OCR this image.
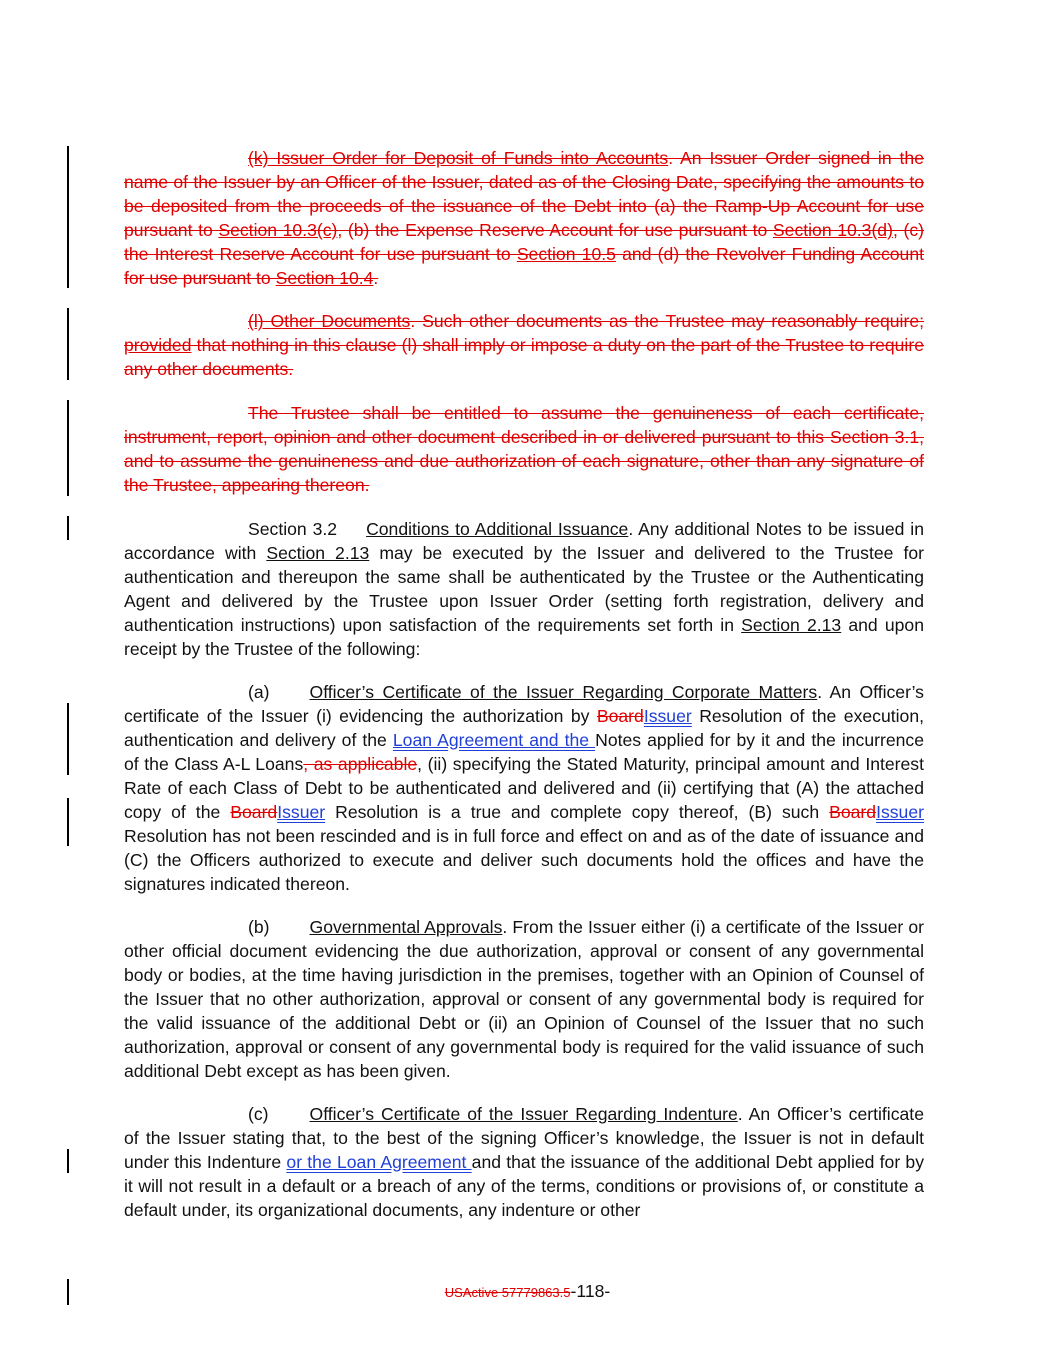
(k) Issuer Order for Deposit of Funds into Accounts. An Issuer Order signed in the name of the Issuer by an Officer of the Issuer, dated as of the Closing Date, specifying the amounts to be deposited from the proceeds of the issuance of the Debt into (a) the Ramp-Up Account for use pursuant to Section 10.3(c), (b) the Expense Reserve Account for use pursuant to Section 10.3(d), (c) the Interest Reserve Account for use pursuant to Section 10.5 and (d) the Revolver Funding Account for use pursuant to Section 10.4.

(l) Other Documents. Such other documents as the Trustee may reasonably require; provided that nothing in this clause (l) shall imply or impose a duty on the part of the Trustee to require any other documents.

The Trustee shall be entitled to assume the genuineness of each certificate, instrument, report, opinion and other document described in or delivered pursuant to this Section 3.1, and to assume the genuineness and due authorization of each signature, other than any signature of the Trustee, appearing thereon.

Section 3.2 Conditions to Additional Issuance. Any additional Notes to be issued in accordance with Section 2.13 may be executed by the Issuer and delivered to the Trustee for authentication and thereupon the same shall be authenticated by the Trustee or the Authenticating Agent and delivered by the Trustee upon Issuer Order (setting forth registration, delivery and authentication instructions) upon satisfaction of the requirements set forth in Section 2.13 and upon receipt by the Trustee of the following:

(a) Officer’s Certificate of the Issuer Regarding Corporate Matters. An Officer’s certificate of the Issuer (i) evidencing the authorization by BoardIssuer Resolution of the execution, authentication and delivery of the Loan Agreement and the Notes applied for by it and the incurrence of the Class A-L Loans, as applicable, (ii) specifying the Stated Maturity, principal amount and Interest Rate of each Class of Debt to be authenticated and delivered and (ii) certifying that (A) the attached copy of the BoardIssuer Resolution is a true and complete copy thereof, (B) such BoardIssuer Resolution has not been rescinded and is in full force and effect on and as of the date of issuance and (C) the Officers authorized to execute and deliver such documents hold the offices and have the signatures indicated thereon.

(b) Governmental Approvals. From the Issuer either (i) a certificate of the Issuer or other official document evidencing the due authorization, approval or consent of any governmental body or bodies, at the time having jurisdiction in the premises, together with an Opinion of Counsel of the Issuer that no other authorization, approval or consent of any governmental body is required for the valid issuance of the additional Debt or (ii) an Opinion of Counsel of the Issuer that no such authorization, approval or consent of any governmental body is required for the valid issuance of such additional Debt except as has been given.

(c) Officer’s Certificate of the Issuer Regarding Indenture. An Officer’s certificate of the Issuer stating that, to the best of the signing Officer’s knowledge, the Issuer is not in default under this Indenture or the Loan Agreement and that the issuance of the additional Debt applied for by it will not result in a default or a breach of any of the terms, conditions or provisions of, or constitute a default under, its organizational documents, any indenture or other

USActive 57779863.5-118-
